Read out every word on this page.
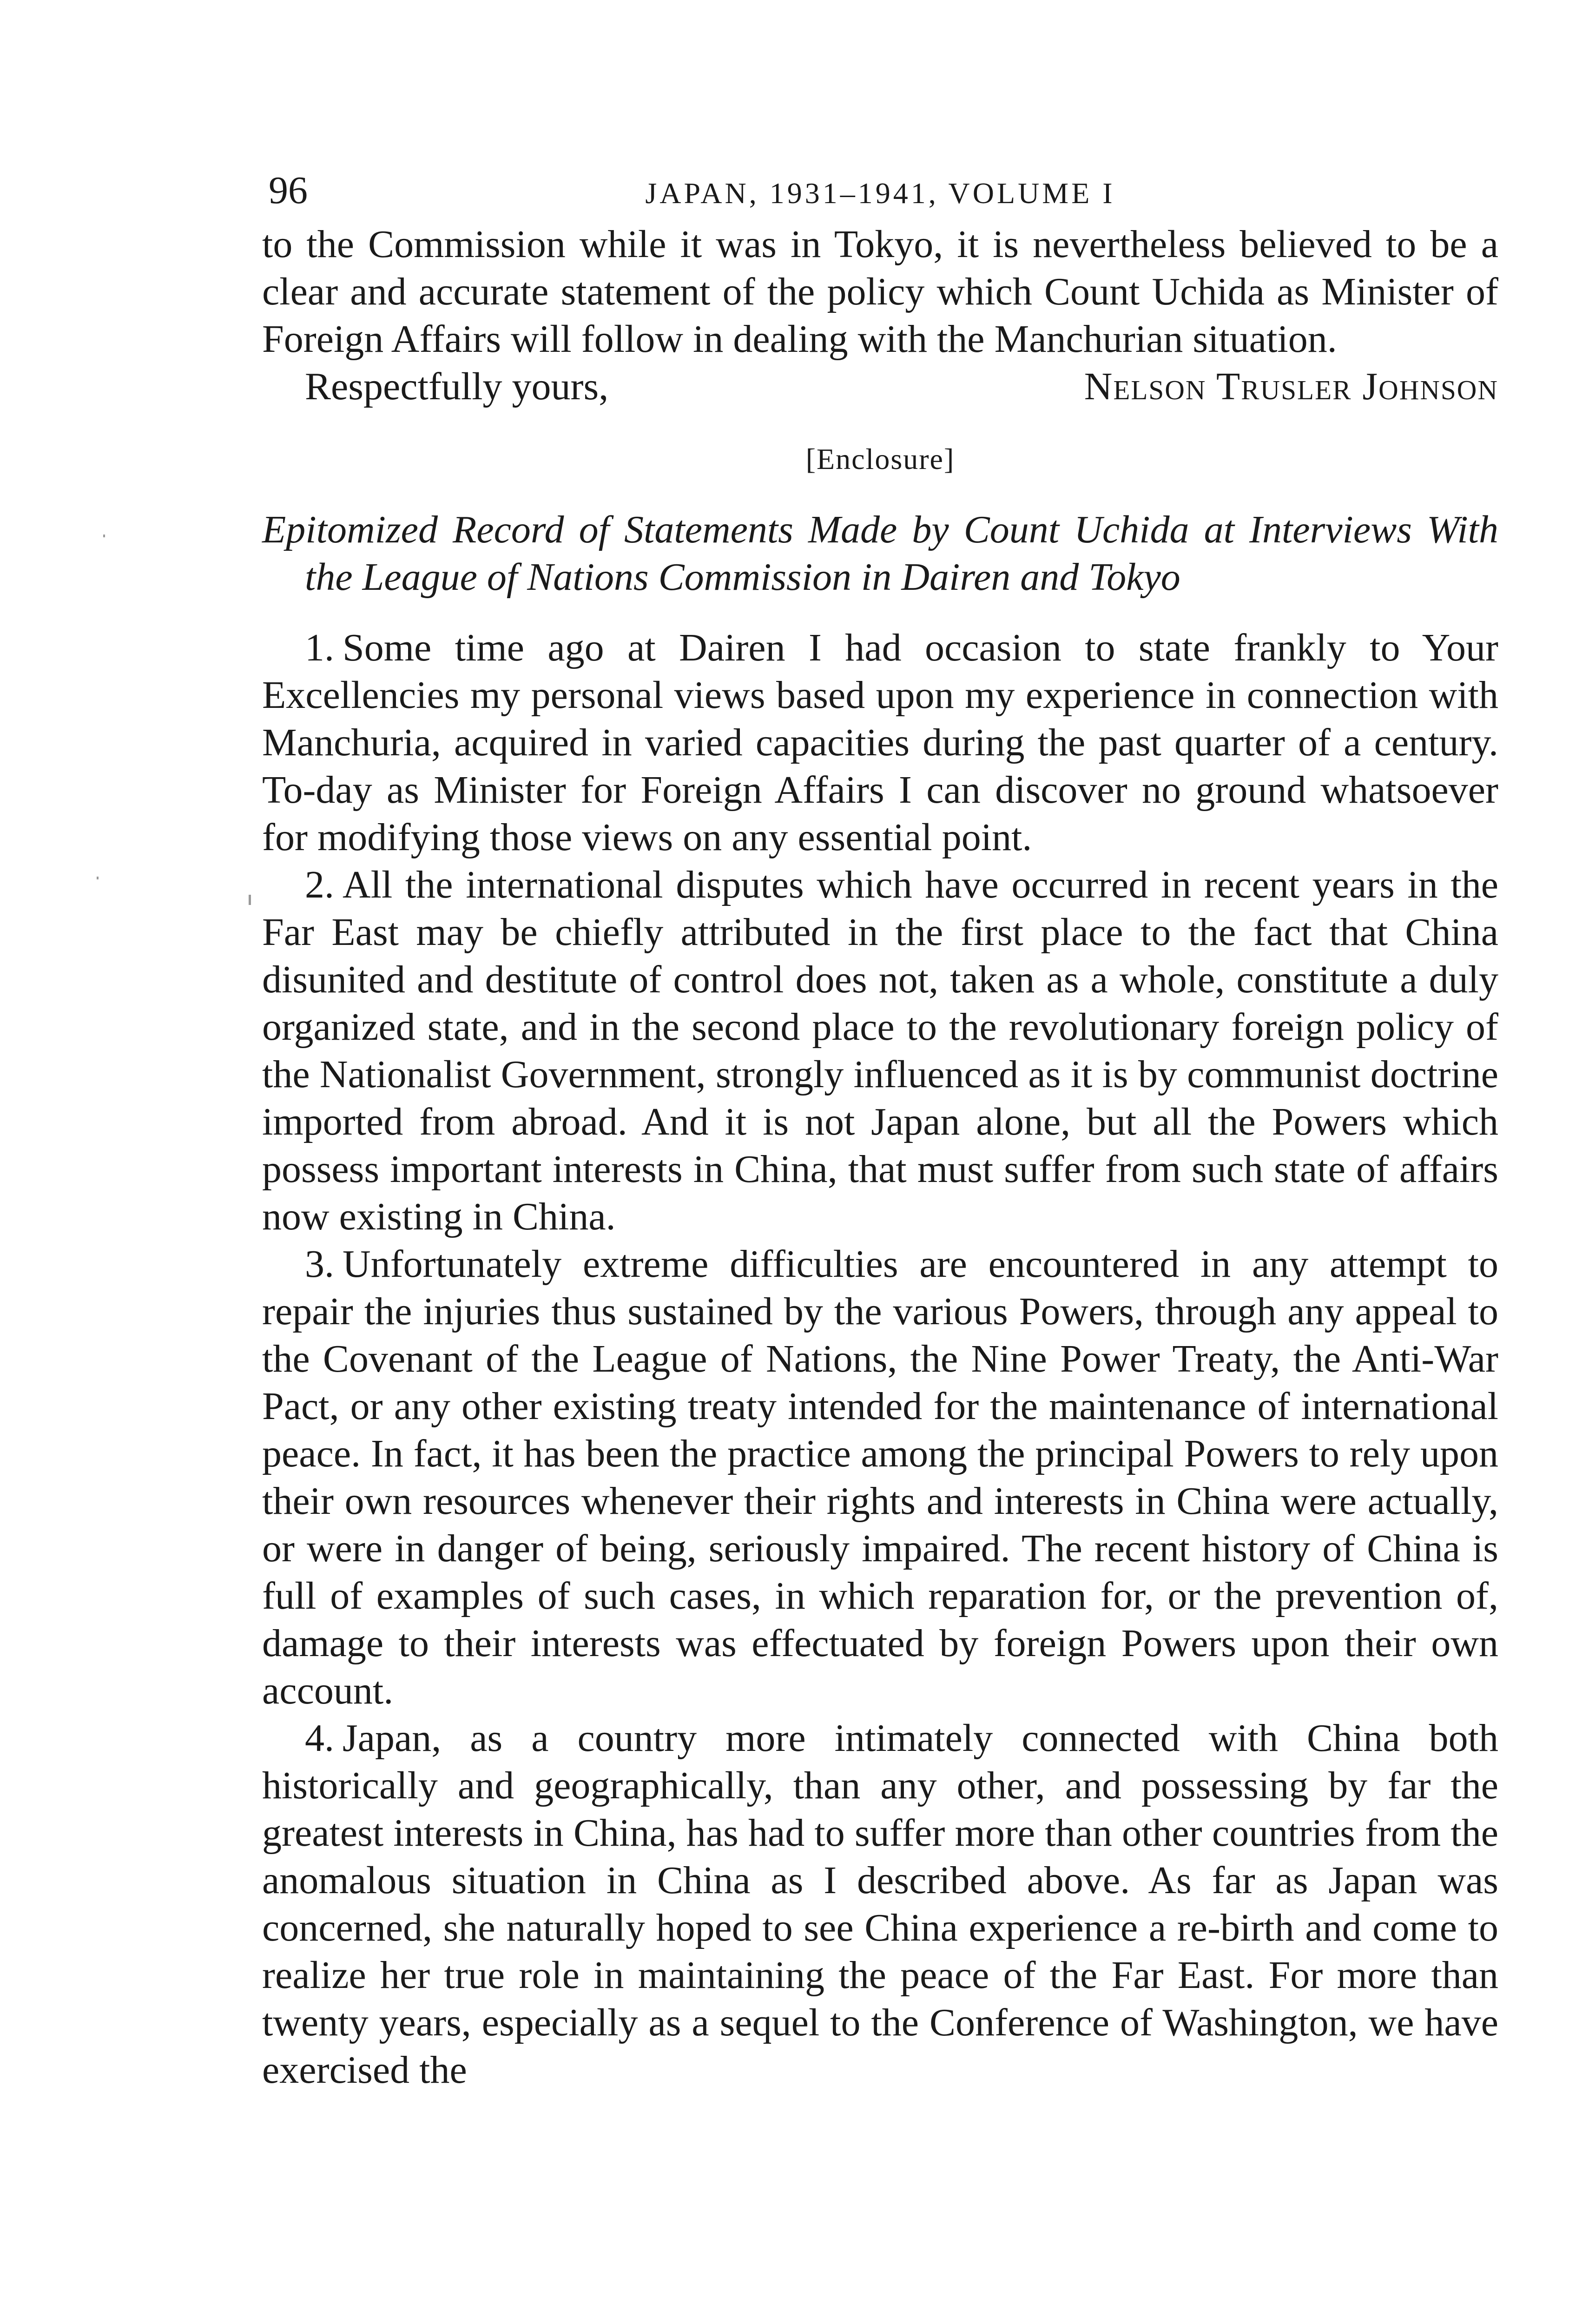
96	JAPAN, 1931–1941, VOLUME I

to the Commission while it was in Tokyo, it is nevertheless believed to be a clear and accurate statement of the policy which Count Uchida as Minister of Foreign Affairs will follow in dealing with the Manchurian situation.

Respectfully yours,	Nelson Trusler Johnson
[Enclosure]

Epitomized Record of Statements Made by Count Uchida at Interviews With the League of Nations Commission in Dairen and Tokyo

1. Some time ago at Dairen I had occasion to state frankly to Your Excellencies my personal views based upon my experience in connection with Manchuria, acquired in varied capacities during the past quarter of a century. To-day as Minister for Foreign Affairs I can discover no ground whatsoever for modifying those views on any essential point.

2. All the international disputes which have occurred in recent years in the Far East may be chiefly attributed in the first place to the fact that China disunited and destitute of control does not, taken as a whole, constitute a duly organized state, and in the second place to the revolutionary foreign policy of the Nationalist Government, strongly influenced as it is by communist doctrine imported from abroad. And it is not Japan alone, but all the Powers which possess important interests in China, that must suffer from such state of affairs now existing in China.

3. Unfortunately extreme difficulties are encountered in any attempt to repair the injuries thus sustained by the various Powers, through any appeal to the Covenant of the League of Nations, the Nine Power Treaty, the Anti-War Pact, or any other existing treaty intended for the maintenance of international peace. In fact, it has been the practice among the principal Powers to rely upon their own resources whenever their rights and interests in China were actually, or were in danger of being, seriously impaired. The recent history of China is full of examples of such cases, in which reparation for, or the prevention of, damage to their interests was effectuated by foreign Powers upon their own account.

4. Japan, as a country more intimately connected with China both historically and geographically, than any other, and possessing by far the greatest interests in China, has had to suffer more than other countries from the anomalous situation in China as I described above. As far as Japan was concerned, she naturally hoped to see China experience a re-birth and come to realize her true role in maintaining the peace of the Far East. For more than twenty years, especially as a sequel to the Conference of Washington, we have exercised the
